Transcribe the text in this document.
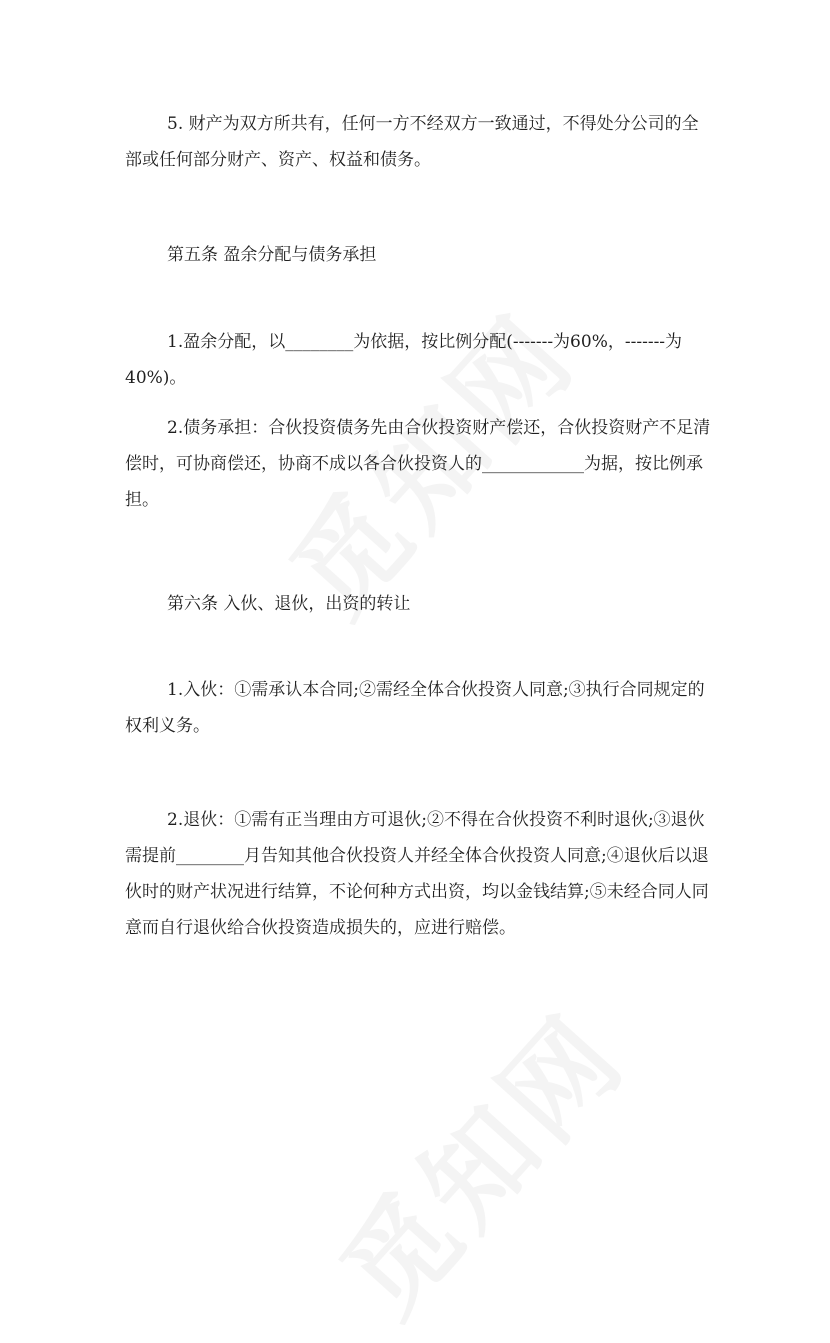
5. 财产为双方所共有，任何一方不经双方一致通过，不得处分公司的全部或任何部分财产、资产、权益和债务。

第五条 盈余分配与债务承担

1.盈余分配，以________为依据，按比例分配(-------为60%，-------为40%)。

2.债务承担：合伙投资债务先由合伙投资财产偿还，合伙投资财产不足清偿时，可协商偿还，协商不成以各合伙投资人的____________为据，按比例承担。

第六条 入伙、退伙，出资的转让

1.入伙：①需承认本合同;②需经全体合伙投资人同意;③执行合同规定的权利义务。

2.退伙：①需有正当理由方可退伙;②不得在合伙投资不利时退伙;③退伙需提前________月告知其他合伙投资人并经全体合伙投资人同意;④退伙后以退伙时的财产状况进行结算，不论何种方式出资，均以金钱结算;⑤未经合同人同意而自行退伙给合伙投资造成损失的，应进行赔偿。
